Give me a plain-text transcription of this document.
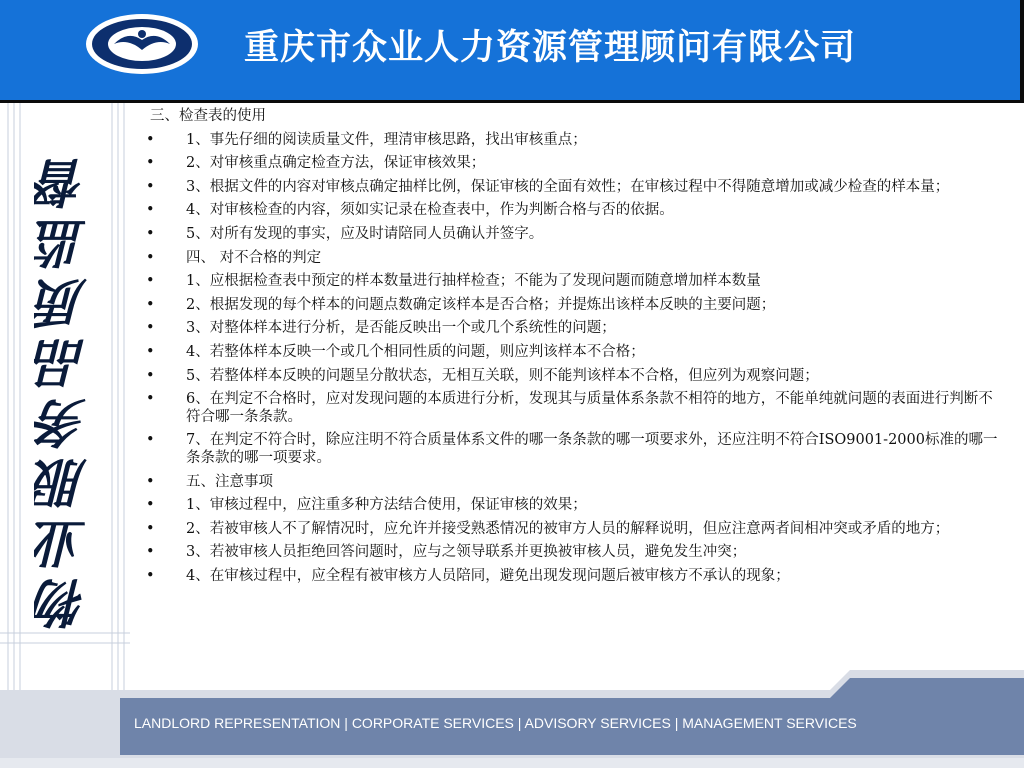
重庆市众业人力资源管理顾问有限公司
物业服务品质监督
三、检查表的使用
• 1、事先仔细的阅读质量文件，理清审核思路，找出审核重点；
• 2、对审核重点确定检查方法，保证审核效果；
• 3、根据文件的内容对审核点确定抽样比例，保证审核的全面有效性；在审核过程中不得随意增加或减少检查的样本量；
• 4、对审核检查的内容，须如实记录在检查表中，作为判断合格与否的依据。
• 5、对所有发现的事实，应及时请陪同人员确认并签字。
• 四、 对不合格的判定
• 1、应根据检查表中预定的样本数量进行抽样检查；不能为了发现问题而随意增加样本数量
• 2、根据发现的每个样本的问题点数确定该样本是否合格；并提炼出该样本反映的主要问题；
• 3、对整体样本进行分析，是否能反映出一个或几个系统性的问题；
• 4、若整体样本反映一个或几个相同性质的问题，则应判该样本不合格；
• 5、若整体样本反映的问题呈分散状态，无相互关联，则不能判该样本不合格，但应列为观察问题；
• 6、在判定不合格时，应对发现问题的本质进行分析，发现其与质量体系条款不相符的地方，不能单纯就问题的表面进行判断不符合哪一条条款。
• 7、在判定不符合时，除应注明不符合质量体系文件的哪一条条款的哪一项要求外，还应注明不符合ISO9001-2000标准的哪一条条款的哪一项要求。
• 五、注意事项
• 1、审核过程中，应注重多种方法结合使用，保证审核的效果；
• 2、若被审核人不了解情况时，应允许并接受熟悉情况的被审方人员的解释说明，但应注意两者间相冲突或矛盾的地方；
• 3、若被审核人员拒绝回答问题时，应与之领导联系并更换被审核人员，避免发生冲突；
• 4、在审核过程中，应全程有被审核方人员陪同，避免出现发现问题后被审核方不承认的现象；
LANDLORD REPRESENTATION | CORPORATE SERVICES | ADVISORY SERVICES | MANAGEMENT SERVICES
